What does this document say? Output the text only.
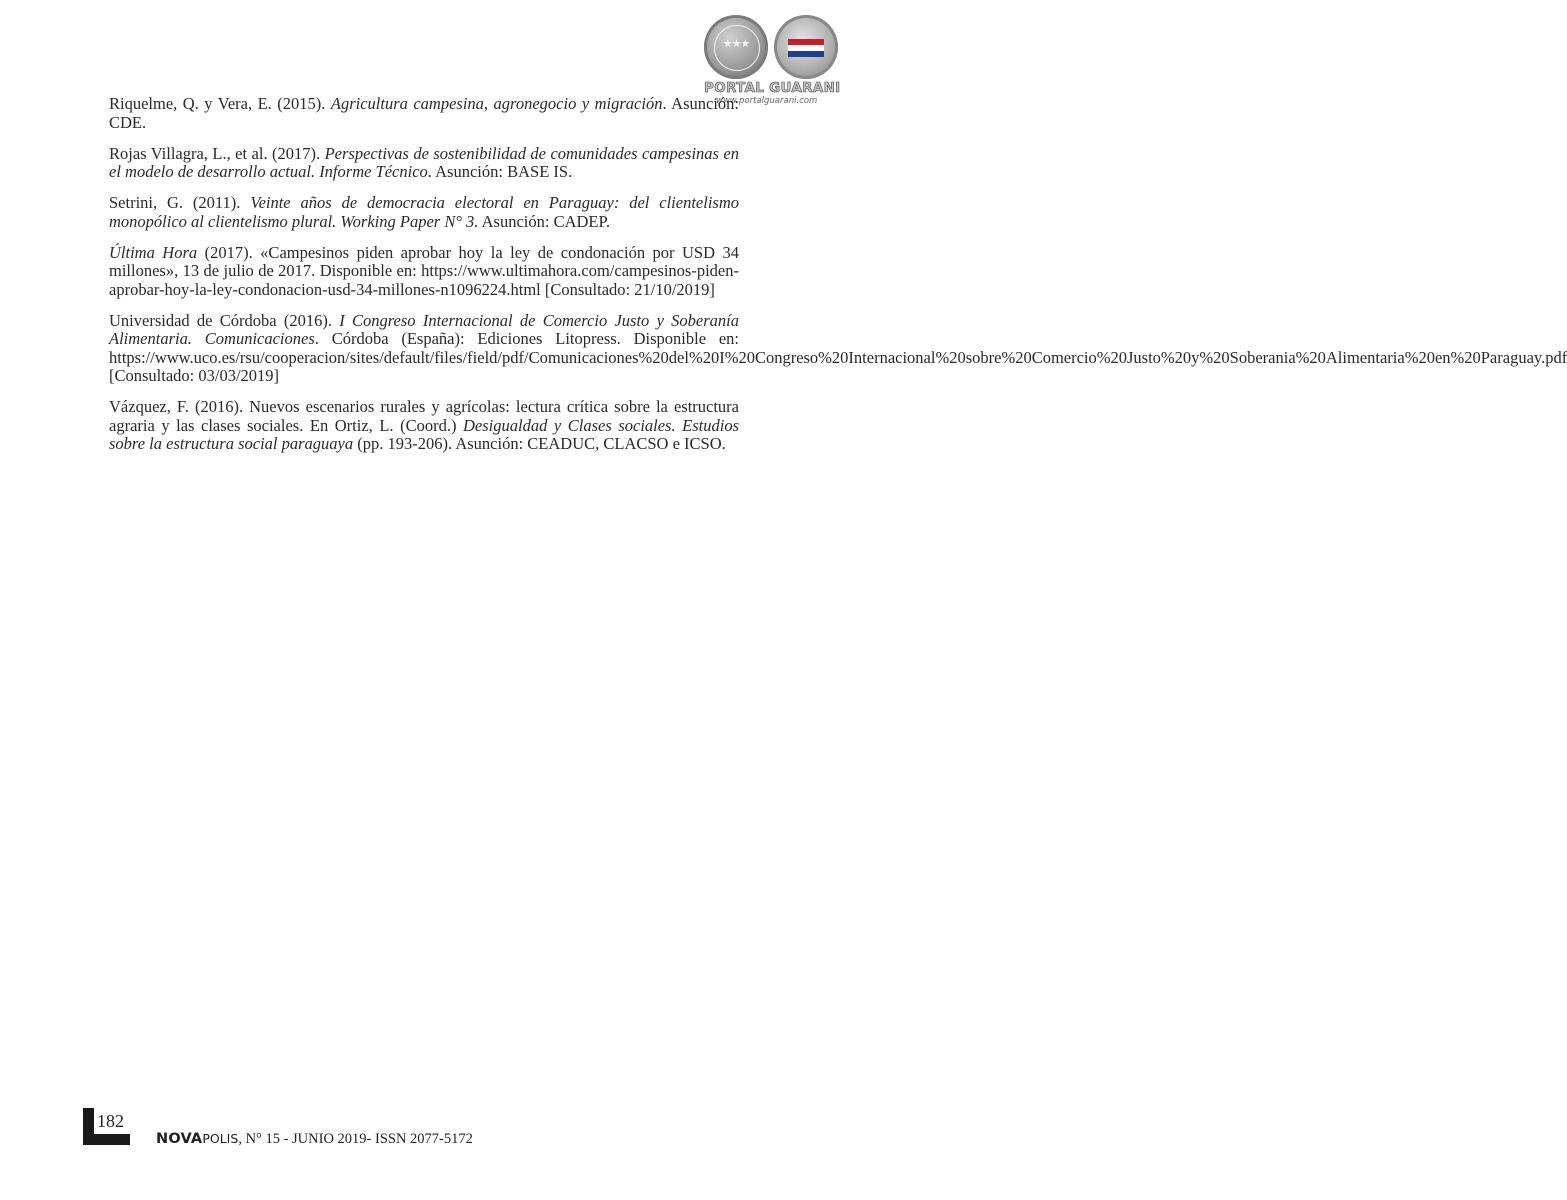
★★★
PORTAL GUARANI
www.portalguarani.com

Riquelme, Q. y Vera, E. (2015). Agricultura campesina, agronegocio y migración. Asunción: CDE.

Rojas Villagra, L., et al. (2017). Perspectivas de sostenibilidad de comunidades campesinas en el modelo de desarrollo actual. Informe Técnico. Asunción: BASE IS.

Setrini, G. (2011). Veinte años de democracia electoral en Paraguay: del clientelismo monopólico al clientelismo plural. Working Paper N° 3. Asunción: CADEP.

Última Hora (2017). «Campesinos piden aprobar hoy la ley de condonación por USD 34 millones», 13 de julio de 2017. Disponible en: https://www.ultimahora.com/campesinos-piden-aprobar-hoy-la-ley-condonacion-usd-34-millones-n1096224.html [Consultado: 21/10/2019]

Universidad de Córdoba (2016). I Congreso Internacional de Comercio Justo y Soberanía Alimentaria. Comunicaciones. Córdoba (España): Ediciones Litopress. Disponible en: https://www.uco.es/rsu/cooperacion/sites/default/files/field/pdf/Comunicaciones%20del%20I%20Congreso%20Internacional%20sobre%20Comercio%20Justo%20y%20Soberania%20Alimentaria%20en%20Paraguay.pdf [Consultado: 03/03/2019]

Vázquez, F. (2016). Nuevos escenarios rurales y agrícolas: lectura crítica sobre la estructura agraria y las clases sociales. En Ortiz, L. (Coord.) Desigualdad y Clases sociales. Estudios sobre la estructura social paraguaya (pp. 193-206). Asunción: CEADUC, CLACSO e ICSO.

182
NOVAPOLIS, N° 15 - JUNIO 2019- ISSN 2077-5172
